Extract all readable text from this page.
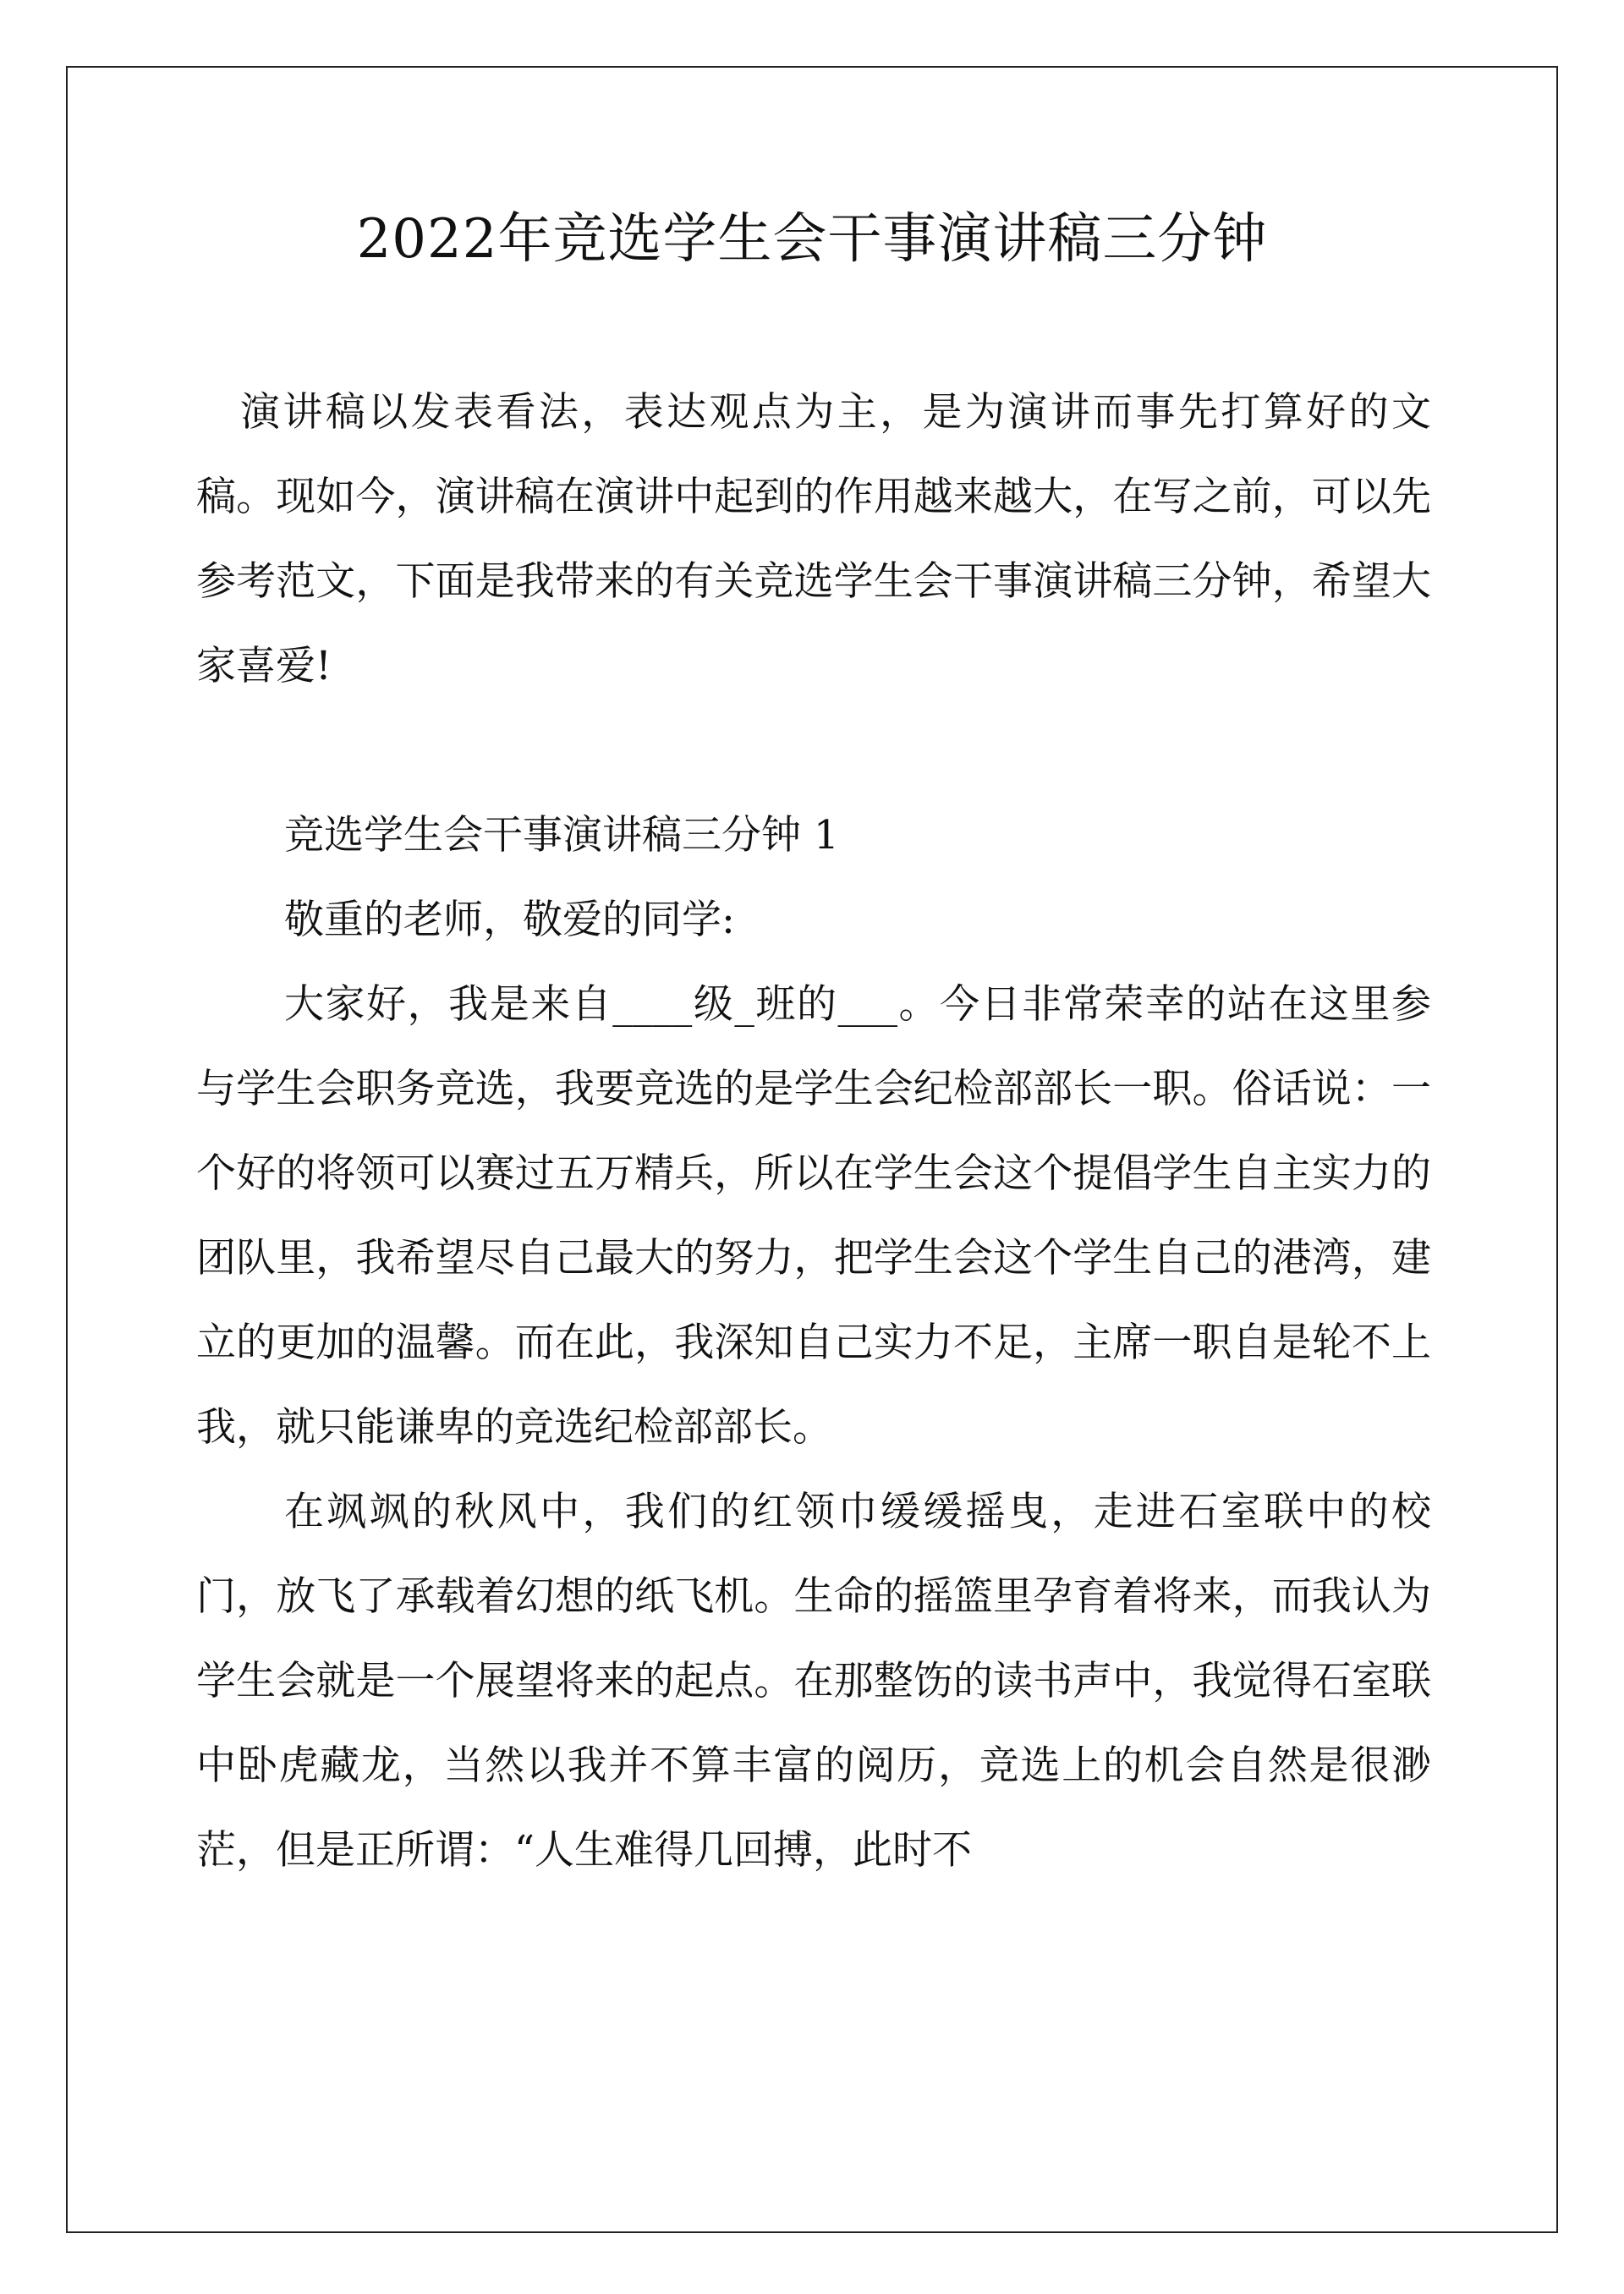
2022年竞选学生会干事演讲稿三分钟

演讲稿以发表看法，表达观点为主，是为演讲而事先打算好的文稿。现如今，演讲稿在演讲中起到的作用越来越大，在写之前，可以先参考范文，下面是我带来的有关竞选学生会干事演讲稿三分钟，希望大家喜爱!

竞选学生会干事演讲稿三分钟 1

敬重的老师，敬爱的同学:

大家好，我是来自____级_班的___。今日非常荣幸的站在这里参与学生会职务竞选，我要竞选的是学生会纪检部部长一职。俗话说：一个好的将领可以赛过五万精兵，所以在学生会这个提倡学生自主实力的团队里，我希望尽自己最大的努力，把学生会这个学生自己的港湾，建立的更加的温馨。而在此，我深知自己实力不足，主席一职自是轮不上我，就只能谦卑的竞选纪检部部长。

在飒飒的秋风中，我们的红领巾缓缓摇曳，走进石室联中的校门，放飞了承载着幻想的纸飞机。生命的摇篮里孕育着将来，而我认为学生会就是一个展望将来的起点。在那整饬的读书声中，我觉得石室联中卧虎藏龙，当然以我并不算丰富的阅历，竞选上的机会自然是很渺茫，但是正所谓：“人生难得几回搏，此时不
